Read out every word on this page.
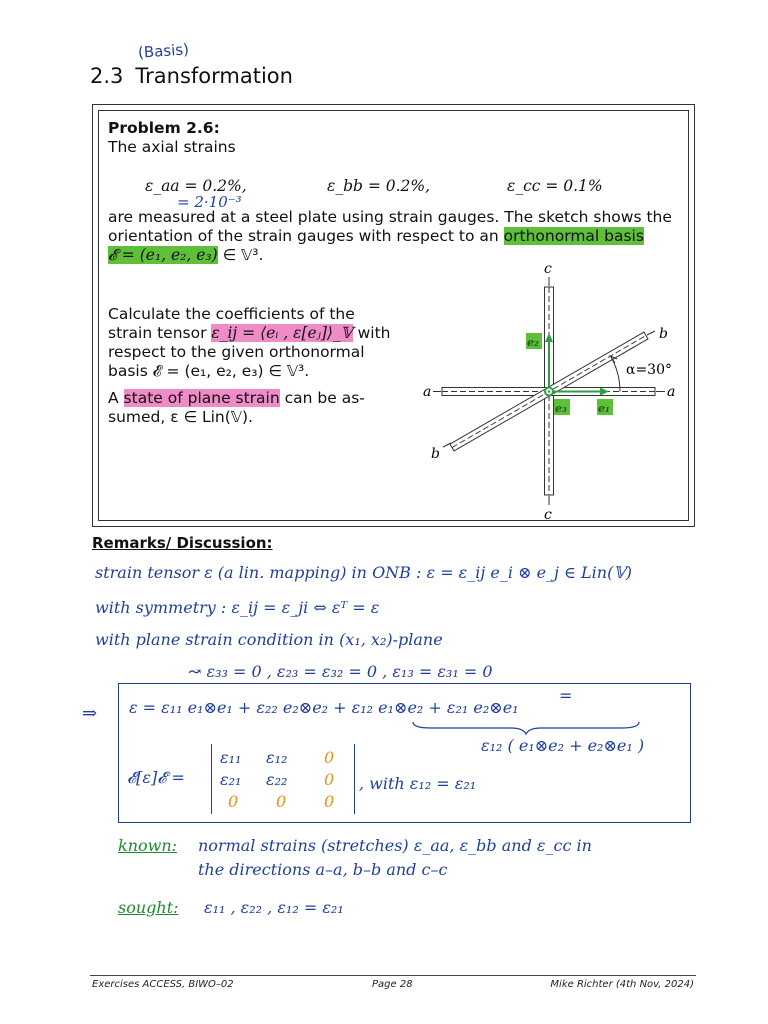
(Basis)
2.3 Transformation
Problem 2.6:
The axial strains
ε_aa = 0.2%,	ε_bb = 0.2%,	ε_cc = 0.1%
= 2·10⁻³
are measured at a steel plate using strain gauges. The sketch shows the
orientation of the strain gauges with respect to an orthonormal basis
𝓔 = (e₁, e₂, e₃) ∈ 𝕍³.
Calculate the coefficients of the
strain tensor ε_ij = ⟨eᵢ , ε[eⱼ]⟩_𝕍 with
respect to the given orthonormal
basis 𝓔 = (e₁, e₂, e₃) ∈ 𝕍³.
A state of plane strain can be as-
sumed, ε ∈ Lin(𝕍).
a	a
c
c
b
b
α=30°
e₂
e₃	e₁
Remarks/ Discussion:
strain tensor ε (a lin. mapping) in ONB : ε = ε_ij e_i ⊗ e_j ∈ Lin(𝕍)
with symmetry : ε_ij = ε_ji ⇔ εᵀ = ε
with plane strain condition in (x₁, x₂)-plane
↝ ε₃₃ = 0 , ε₂₃ = ε₃₂ = 0 , ε₁₃ = ε₃₁ = 0
⇒ ε = ε₁₁ e₁⊗e₁ + ε₂₂ e₂⊗e₂ + ε₁₂ e₁⊗e₂ + ε₂₁ e₂⊗e₁
=
ε₁₂ ( e₁⊗e₂ + e₂⊗e₁ )
𝓔[ε]𝓔 =
ε₁₁ ε₁₂ 0
ε₂₁ ε₂₂ 0
0 0 0
, with ε₁₂ = ε₂₁
known: normal strains (stretches) ε_aa, ε_bb and ε_cc in
the directions a–a, b–b and c–c
sought: ε₁₁ , ε₂₂ , ε₁₂ = ε₂₁
Exercises ACCESS, BIWO–02	Page 28	Mike Richter (4th Nov, 2024)
